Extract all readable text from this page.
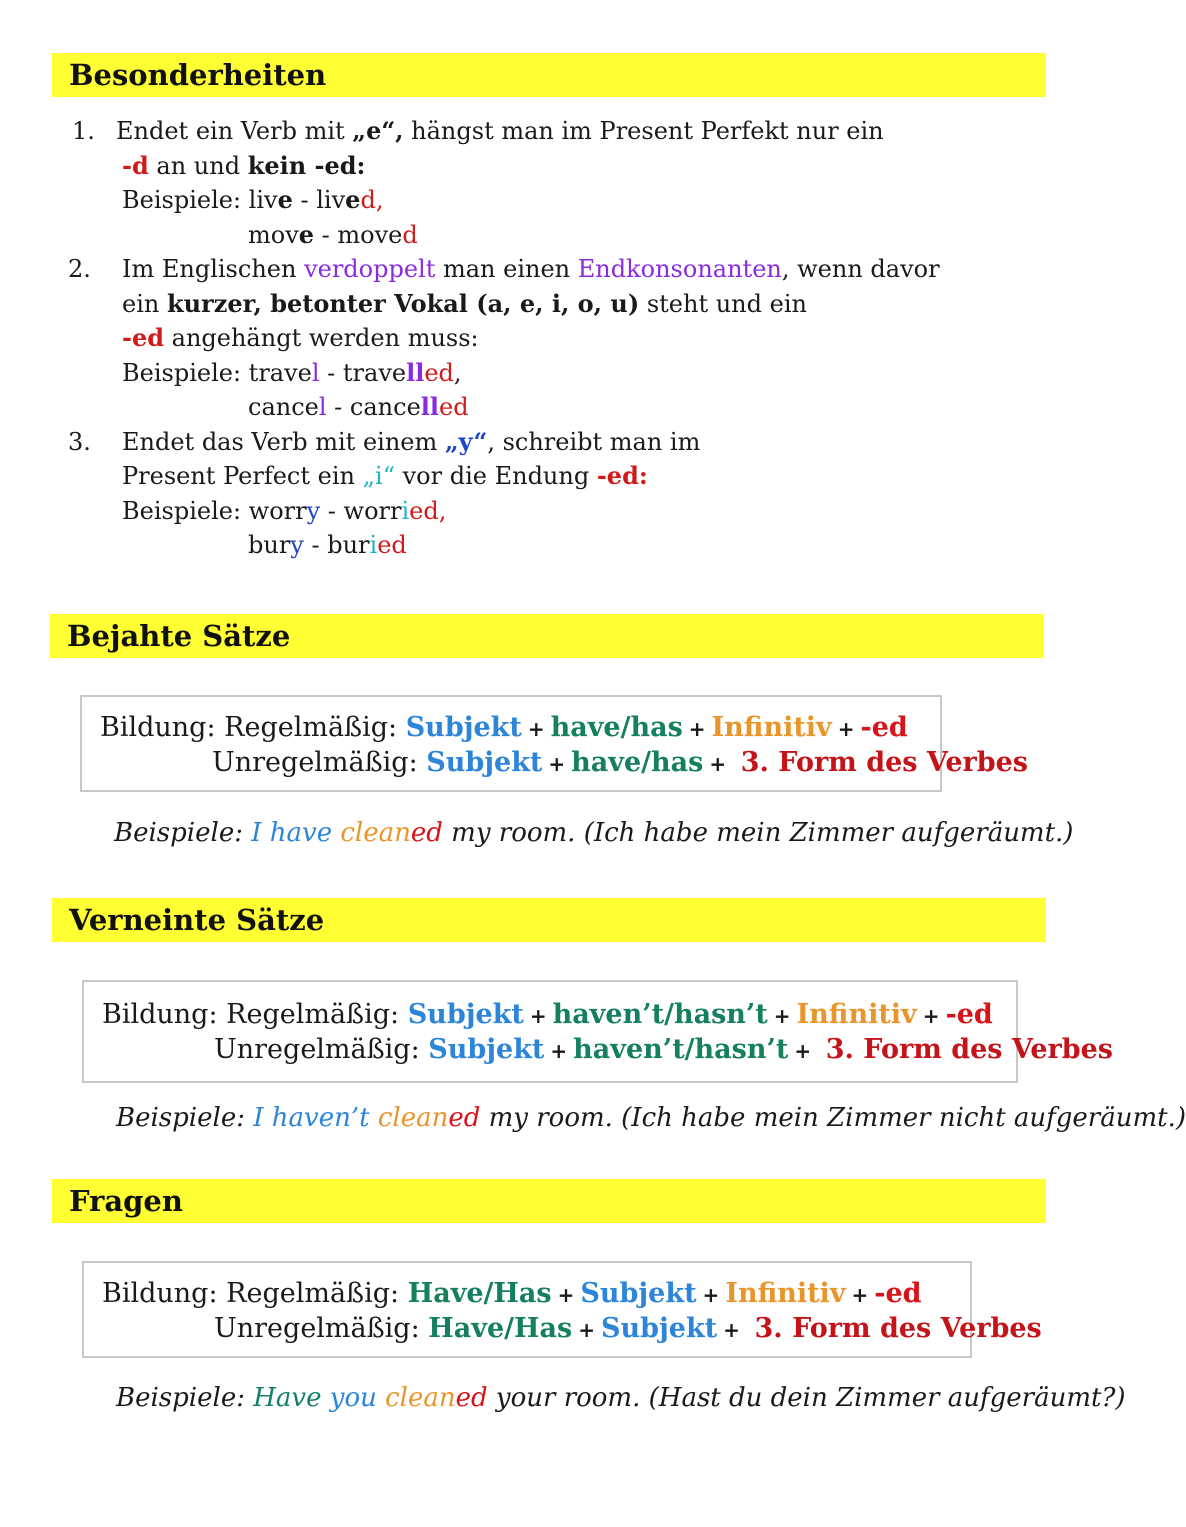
Besonderheiten
1. Endet ein Verb mit „e“, hängst man im Present Perfekt nur ein
-d an und kein -ed:
Beispiele: live - lived,
move - moved
2. Im Englischen verdoppelt man einen Endkonsonanten, wenn davor
ein kurzer, betonter Vokal (a, e, i, o, u) steht und ein
-ed angehängt werden muss:
Beispiele: travel - travelled,
cancel - cancelled
3. Endet das Verb mit einem „y“, schreibt man im
Present Perfect ein „i“ vor die Endung -ed:
Beispiele: worry - worried,
bury - buried
Bejahte Sätze
Bildung: Regelmäßig: Subjekt + have/has + Infinitiv + -ed
Unregelmäßig: Subjekt + have/has + 3. Form des Verbes
Beispiele: I have cleaned my room. (Ich habe mein Zimmer aufgeräumt.)
Verneinte Sätze
Bildung: Regelmäßig: Subjekt + haven’t/hasn’t + Infinitiv + -ed
Unregelmäßig: Subjekt + haven’t/hasn’t + 3. Form des Verbes
Beispiele: I haven’t cleaned my room. (Ich habe mein Zimmer nicht aufgeräumt.)
Fragen
Bildung: Regelmäßig: Have/Has + Subjekt + Infinitiv + -ed
Unregelmäßig: Have/Has + Subjekt + 3. Form des Verbes
Beispiele: Have you cleaned your room. (Hast du dein Zimmer aufgeräumt?)
